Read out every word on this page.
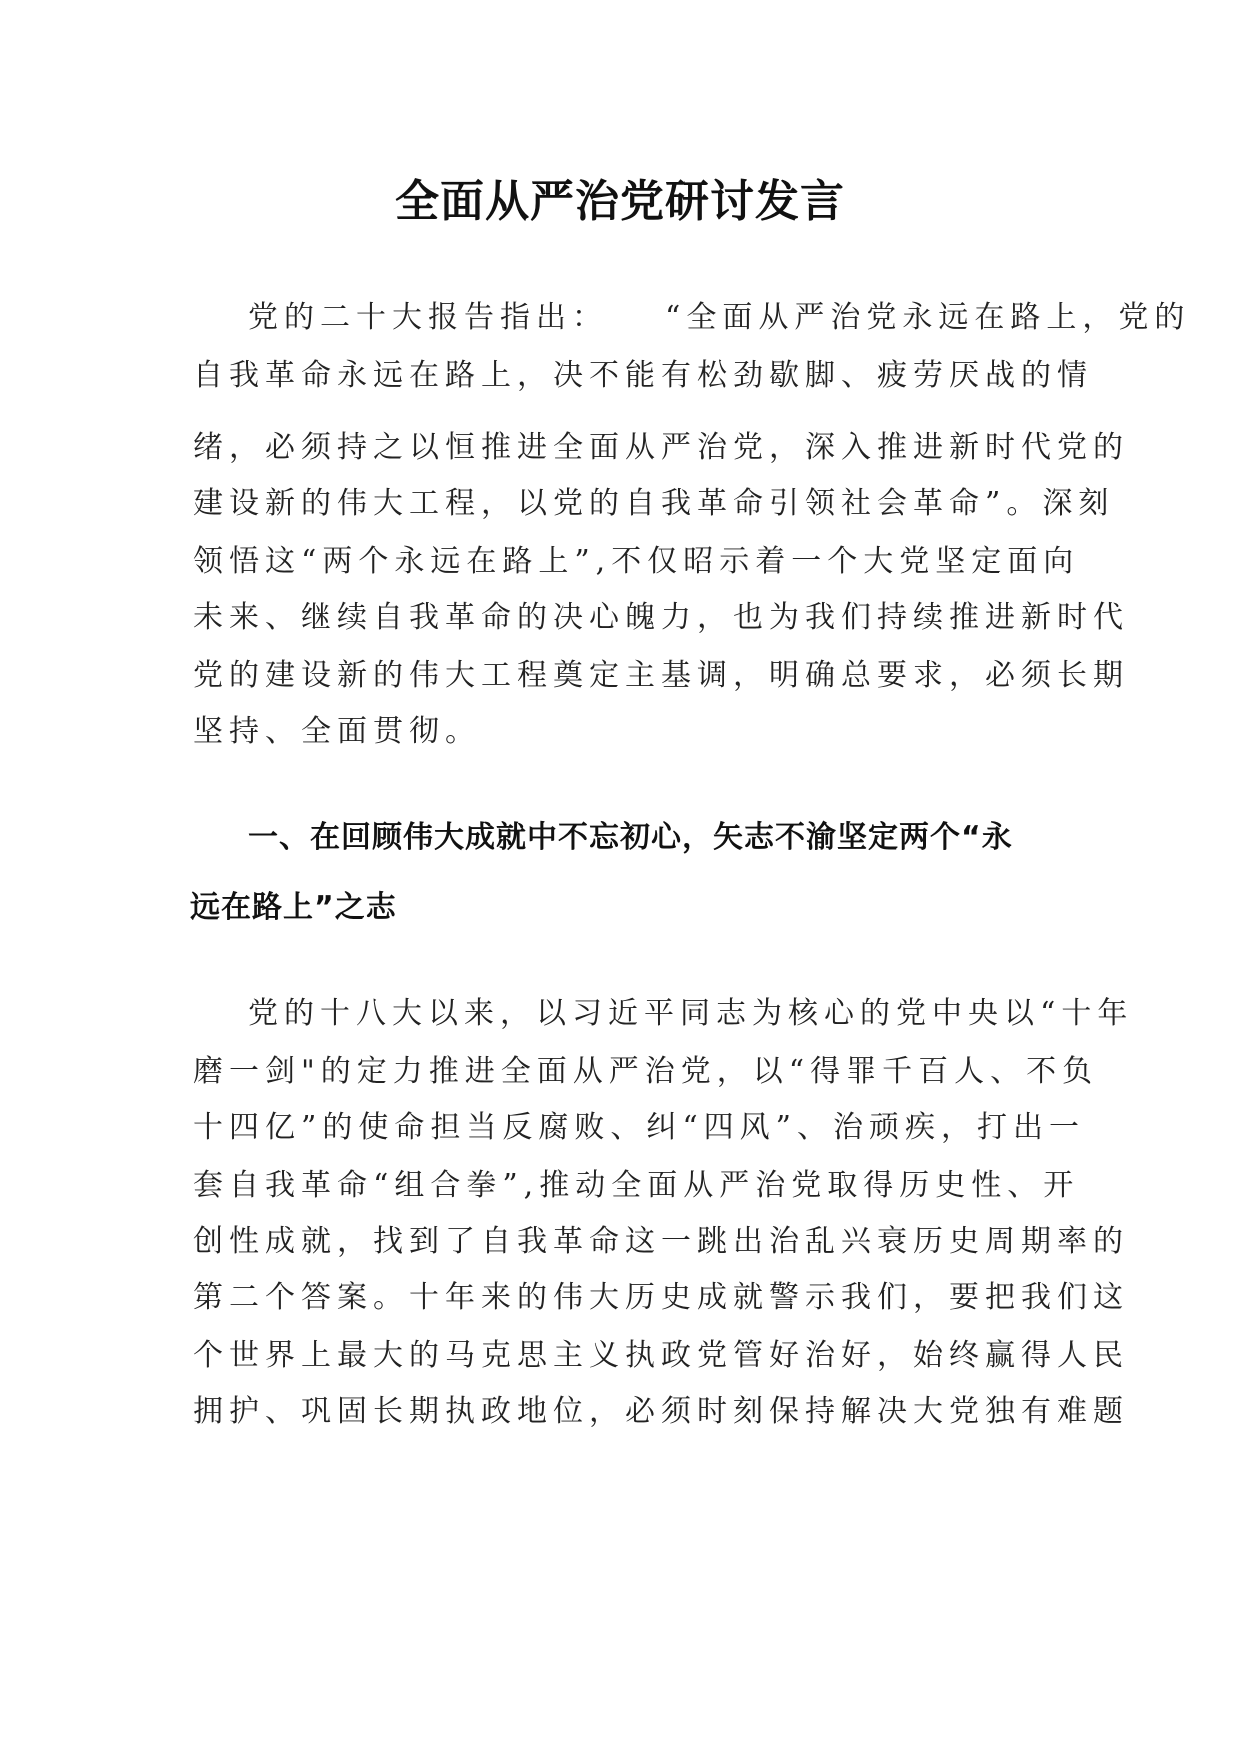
全面从严治党研讨发言
党的二十大报告指出：　　“全面从严治党永远在路上，党的
自我革命永远在路上，决不能有松劲歇脚、疲劳厌战的情
绪，必须持之以恒推进全面从严治党，深入推进新时代党的
建设新的伟大工程，以党的自我革命引领社会革命”。深刻
领悟这“两个永远在路上”,不仅昭示着一个大党坚定面向
未来、继续自我革命的决心魄力，也为我们持续推进新时代
党的建设新的伟大工程奠定主基调，明确总要求，必须长期
坚持、全面贯彻。
一、在回顾伟大成就中不忘初心，矢志不渝坚定两个“永
远在路上”之志
党的十八大以来，以习近平同志为核心的党中央以“十年
磨一剑"的定力推进全面从严治党，以“得罪千百人、不负
十四亿”的使命担当反腐败、纠“四风”、治顽疾，打出一
套自我革命“组合拳”,推动全面从严治党取得历史性、开
创性成就，找到了自我革命这一跳出治乱兴衰历史周期率的
第二个答案。十年来的伟大历史成就警示我们，要把我们这
个世界上最大的马克思主义执政党管好治好，始终赢得人民
拥护、巩固长期执政地位，必须时刻保持解决大党独有难题
